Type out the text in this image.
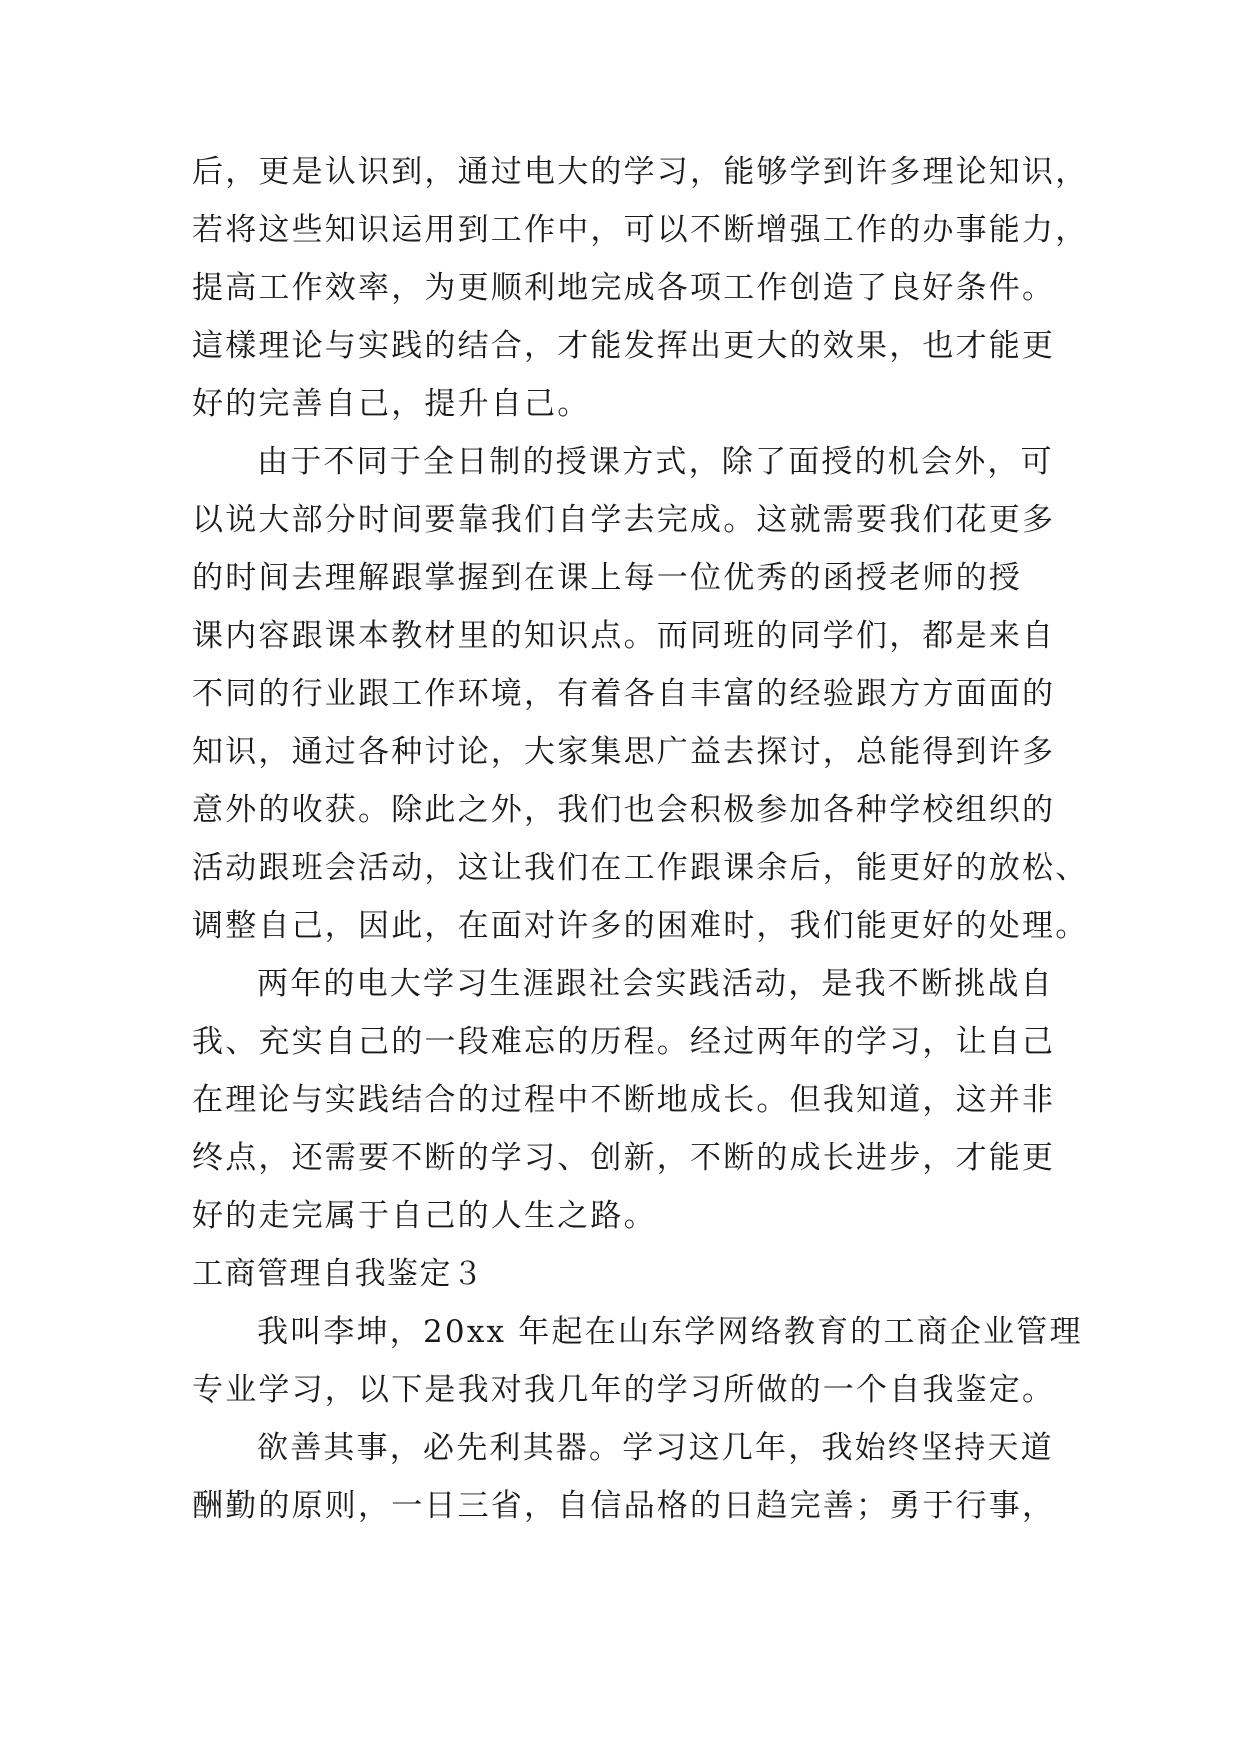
后，更是认识到，通过电大的学习，能够学到许多理论知识，
若将这些知识运用到工作中，可以不断增强工作的办事能力，
提高工作效率，为更顺利地完成各项工作创造了良好条件。
這樣理论与实践的结合，才能发挥出更大的效果，也才能更
好的完善自己，提升自己。
由于不同于全日制的授课方式，除了面授的机会外，可
以说大部分时间要靠我们自学去完成。这就需要我们花更多
的时间去理解跟掌握到在课上每一位优秀的函授老师的授
课内容跟课本教材里的知识点。而同班的同学们，都是来自
不同的行业跟工作环境，有着各自丰富的经验跟方方面面的
知识，通过各种讨论，大家集思广益去探讨，总能得到许多
意外的收获。除此之外，我们也会积极参加各种学校组织的
活动跟班会活动，这让我们在工作跟课余后，能更好的放松、
调整自己，因此，在面对许多的困难时，我们能更好的处理。
两年的电大学习生涯跟社会实践活动，是我不断挑战自
我、充实自己的一段难忘的历程。经过两年的学习，让自己
在理论与实践结合的过程中不断地成长。但我知道，这并非
终点，还需要不断的学习、创新，不断的成长进步，才能更
好的走完属于自己的人生之路。
工商管理自我鉴定３
我叫李坤，20xx 年起在山东学网络教育的工商企业管理
专业学习，以下是我对我几年的学习所做的一个自我鉴定。
欲善其事，必先利其器。学习这几年，我始终坚持天道
酬勤的原则，一日三省，自信品格的日趋完善；勇于行事，
